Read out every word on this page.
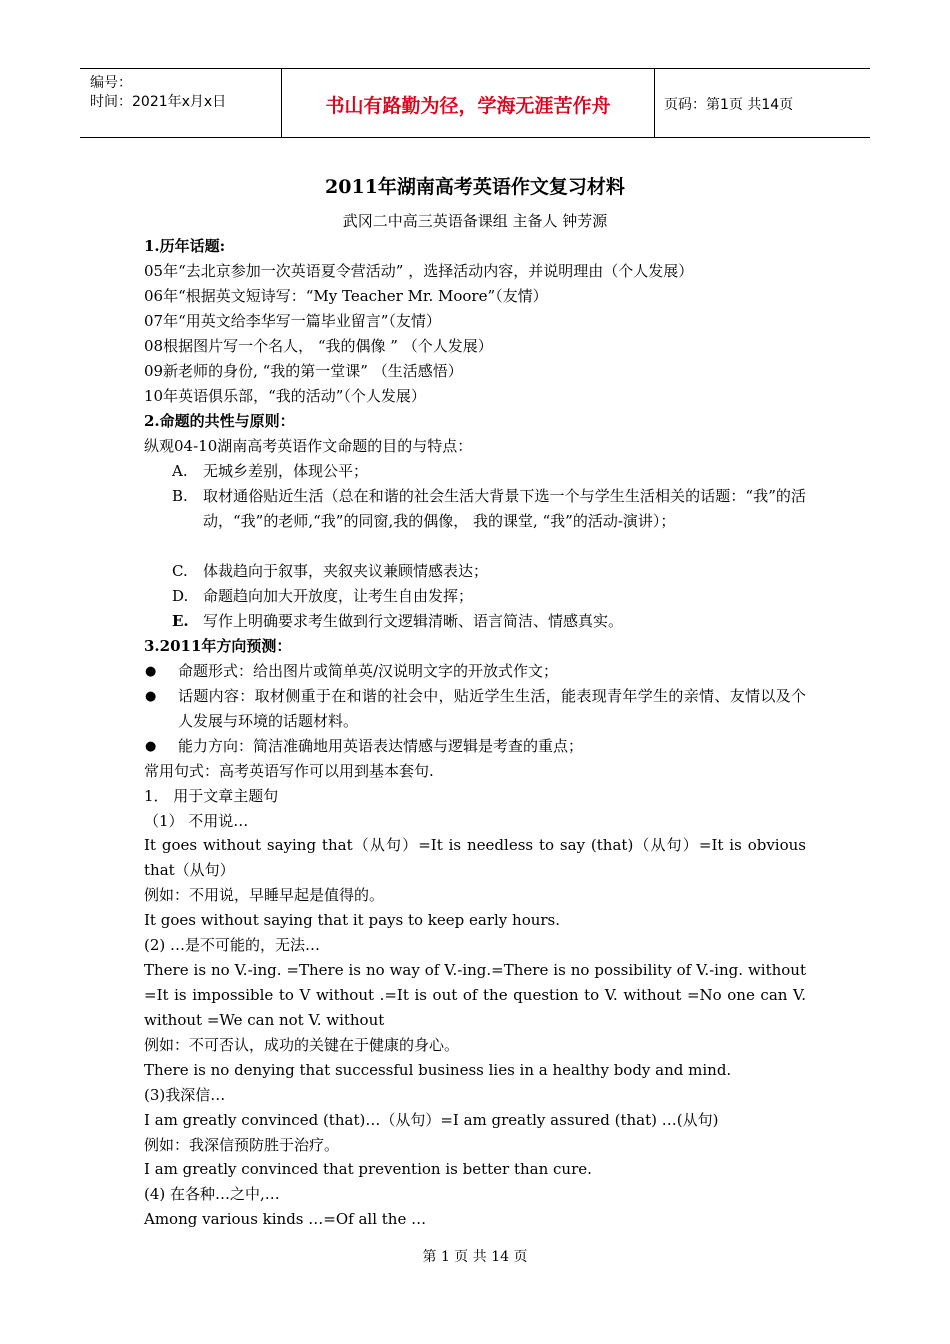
编号：
时间：2021年x月x日	书山有路勤为径，学海无涯苦作舟	页码：第1页 共14页
2011年湖南高考英语作文复习材料
武冈二中高三英语备课组 主备人 钟芳源
1.历年话题:
05年“去北京参加一次英语夏令营活动” ，选择活动内容，并说明理由（个人发展）
06年“根据英文短诗写：“My Teacher Mr. Moore”（友情）
07年“用英文给李华写一篇毕业留言”（友情）
08根据图片写一个名人， “我的偶像 ” （个人发展）
09新老师的身份, “我的第一堂课” （生活感悟）
10年英语俱乐部，“我的活动”（个人发展）
2.命题的共性与原则：
纵观04-10湖南高考英语作文命题的目的与特点：
A. 无城乡差别，体现公平；
B. 取材通俗贴近生活（总在和谐的社会生活大背景下选一个与学生生活相关的话题：“我”的活动，“我”的老师,“我”的同窗,我的偶像， 我的课堂, “我”的活动-演讲）；
C. 体裁趋向于叙事，夹叙夹议兼顾情感表达；
D. 命题趋向加大开放度，让考生自由发挥；
E. 写作上明确要求考生做到行文逻辑清晰、语言简洁、情感真实。
3.2011年方向预测：
● 命题形式：给出图片或简单英/汉说明文字的开放式作文；
● 话题内容：取材侧重于在和谐的社会中，贴近学生生活，能表现青年学生的亲情、友情以及个人发展与环境的话题材料。
● 能力方向：简洁准确地用英语表达情感与逻辑是考查的重点；
常用句式：高考英语写作可以用到基本套句.
1． 用于文章主题句
（1） 不用说…
It goes without saying that（从句）=It is needless to say (that)（从句）=It is obvious that（从句）
例如：不用说，早睡早起是值得的。
It goes without saying that it pays to keep early hours.
(2) …是不可能的，无法…
There is no V.-ing. =There is no way of V.-ing.=There is no possibility of V.-ing. without =It is impossible to V without .=It is out of the question to V. without =No one can V. without =We can not V. without
例如：不可否认，成功的关键在于健康的身心。
There is no denying that successful business lies in a healthy body and mind.
(3)我深信…
I am greatly convinced (that)…（从句）=I am greatly assured (that) …(从句)
例如：我深信预防胜于治疗。
I am greatly convinced that prevention is better than cure.
(4) 在各种…之中,…
Among various kinds …=Of all the …
第 1 页 共 14 页
